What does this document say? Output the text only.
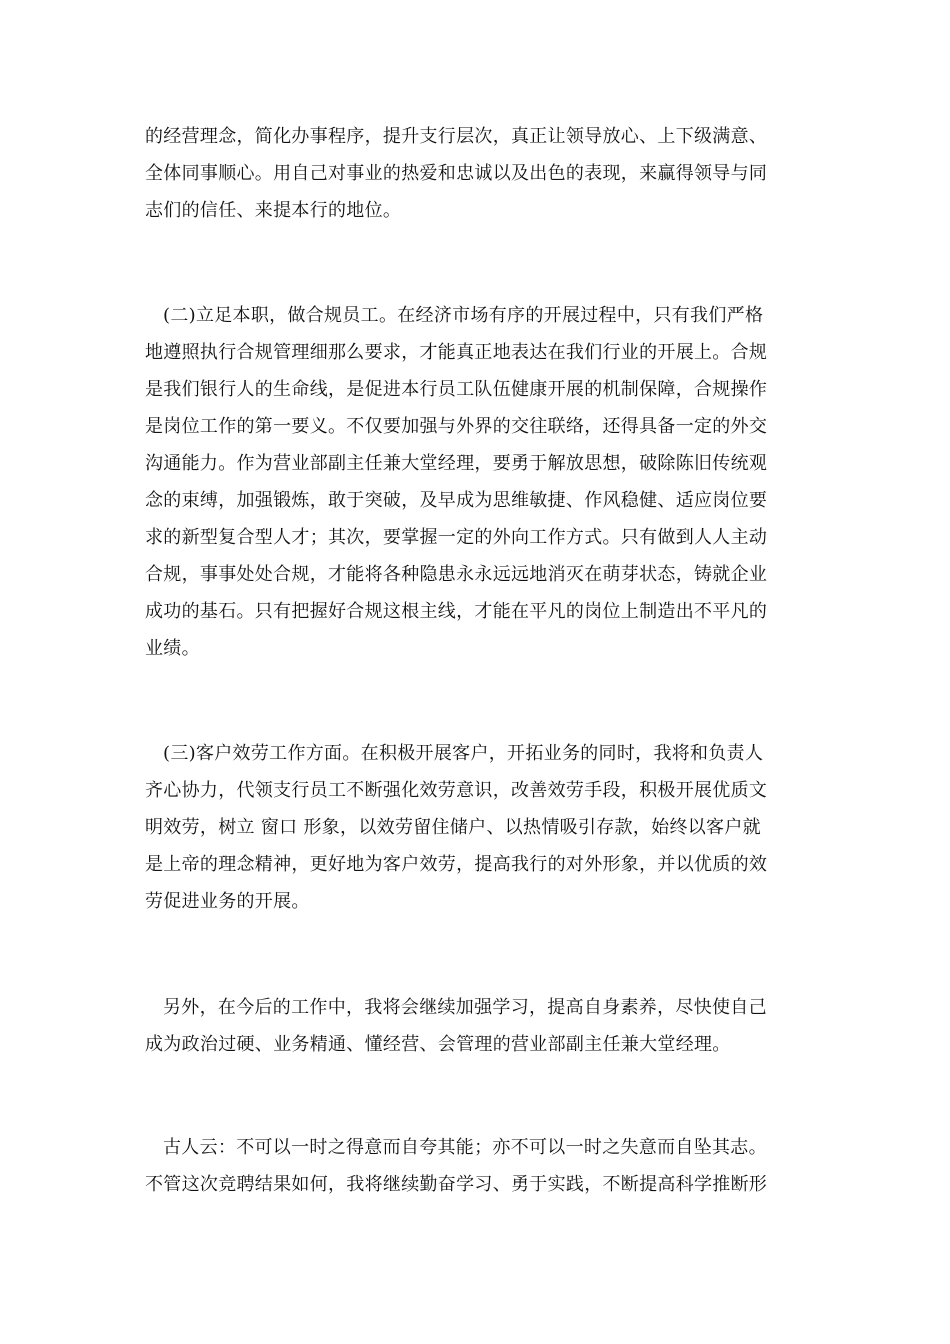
的经营理念，简化办事程序，提升支行层次，真正让领导放心、上下级满意、
全体同事顺心。用自己对事业的热爱和忠诚以及出色的表现，来赢得领导与同
志们的信任、来提本行的地位。

(二)立足本职，做合规员工。在经济市场有序的开展过程中，只有我们严格
地遵照执行合规管理细那么要求，才能真正地表达在我们行业的开展上。合规
是我们银行人的生命线，是促进本行员工队伍健康开展的机制保障，合规操作
是岗位工作的第一要义。不仅要加强与外界的交往联络，还得具备一定的外交
沟通能力。作为营业部副主任兼大堂经理，要勇于解放思想，破除陈旧传统观
念的束缚，加强锻炼，敢于突破，及早成为思维敏捷、作风稳健、适应岗位要
求的新型复合型人才；其次，要掌握一定的外向工作方式。只有做到人人主动
合规，事事处处合规，才能将各种隐患永永远远地消灭在萌芽状态，铸就企业
成功的基石。只有把握好合规这根主线，才能在平凡的岗位上制造出不平凡的
业绩。

(三)客户效劳工作方面。在积极开展客户，开拓业务的同时，我将和负责人
齐心协力，代领支行员工不断强化效劳意识，改善效劳手段，积极开展优质文
明效劳，树立 窗口 形象，以效劳留住储户、以热情吸引存款，始终以客户就
是上帝的理念精神，更好地为客户效劳，提高我行的对外形象，并以优质的效
劳促进业务的开展。

另外，在今后的工作中，我将会继续加强学习，提高自身素养，尽快使自己
成为政治过硬、业务精通、懂经营、会管理的营业部副主任兼大堂经理。

古人云：不可以一时之得意而自夸其能；亦不可以一时之失意而自坠其志。
不管这次竞聘结果如何，我将继续勤奋学习、勇于实践，不断提高科学推断形
